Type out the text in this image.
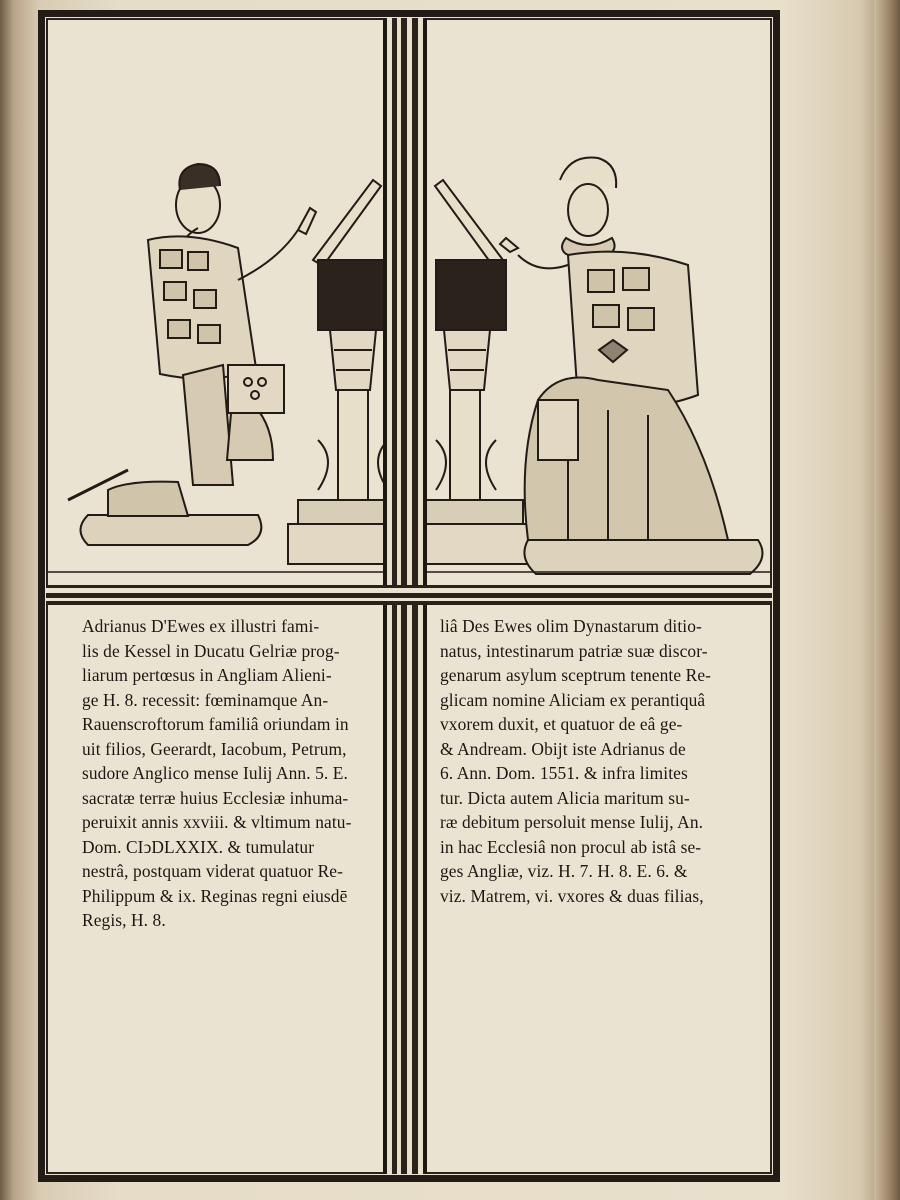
Adrianus D'Ewes ex illustri fami-
lis de Kessel in Ducatu Gelriæ prog-
liarum pertœsus in Angliam Alieni-
ge H. 8. recessit: fœminamque An-
Rauenscroftorum familiâ oriundam in
uit filios, Geerardt, Iacobum, Petrum,
sudore Anglico mense Iulij Ann. 5. E.
sacratæ terræ huius Ecclesiæ inhuma-
peruixit annis xxviii. & vltimum natu-
Dom. CIↄDLXXIX. & tumulatur
nestrâ, postquam viderat quatuor Re-
Philippum & ix. Reginas regni eiusdē
Regis, H. 8.
liâ Des Ewes olim Dynastarum ditio-
natus, intestinarum patriæ suæ discor-
genarum asylum sceptrum tenente Re-
glicam nomine Aliciam ex perantiquâ
vxorem duxit, et quatuor de eâ ge-
& Andream. Obijt iste Adrianus de
6. Ann. Dom. 1551. & infra limites
tur. Dicta autem Alicia maritum su-
ræ debitum persoluit mense Iulij, An.
in hac Ecclesiâ non procul ab istâ se-
ges Angliæ, viz. H. 7. H. 8. E. 6. &
viz. Matrem, vi. vxores & duas filias,
